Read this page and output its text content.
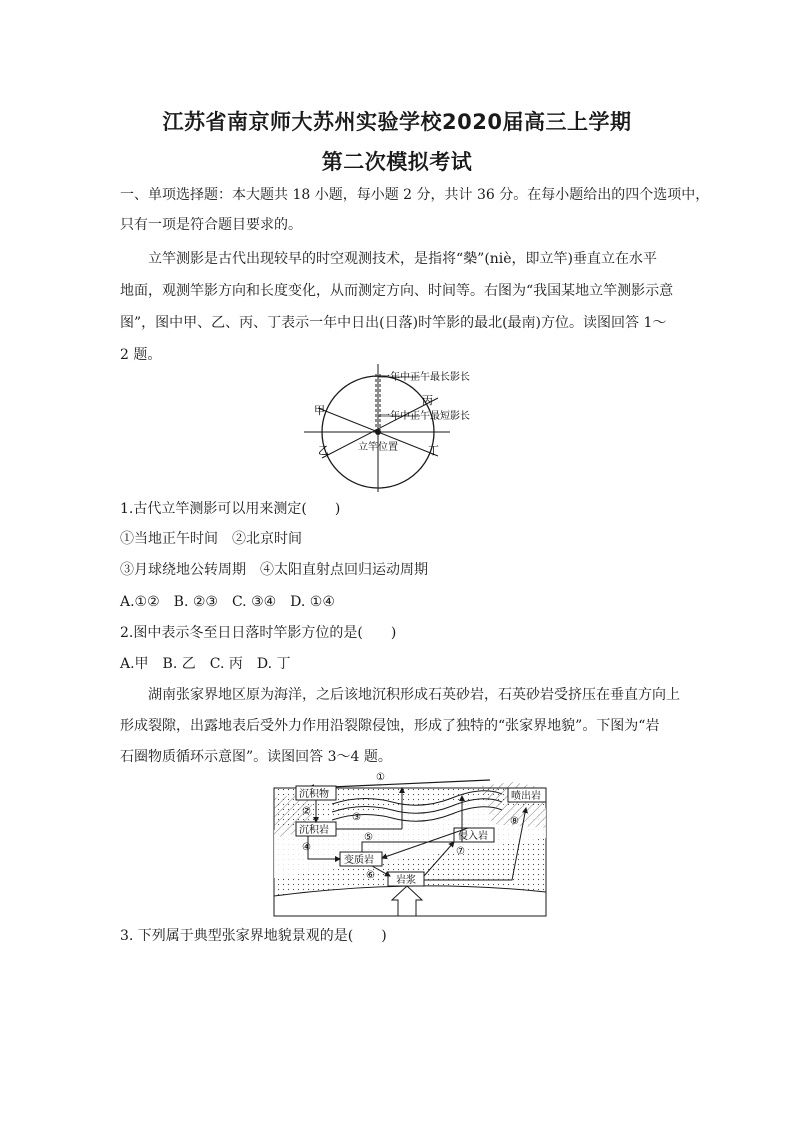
江苏省南京师大苏州实验学校2020届高三上学期
第二次模拟考试
一、单项选择题：本大题共 18 小题，每小题 2 分，共计 36 分。在每小题给出的四个选项中，
只有一项是符合题目要求的。
立竿测影是古代出现较早的时空观测技术，是指将“槷”(niè，即立竿)垂直立在水平
地面，观测竿影方向和长度变化，从而测定方向、时间等。右图为“我国某地立竿测影示意
图”，图中甲、乙、丙、丁表示一年中日出(日落)时竿影的最北(最南)方位。读图回答 1～
2 题。
一年中正午最长影长
一年中正午最短影长
立竿位置
甲
乙
丙
丁
1.古代立竿测影可以用来测定(　　)
①当地正午时间　②北京时间
③月球绕地公转周期　④太阳直射点回归运动周期
A.①②　B. ②③　C. ③④　D. ①④
2.图中表示冬至日日落时竿影方位的是(　　)
A.甲　B. 乙　C. 丙　D. 丁
湖南张家界地区原为海洋，之后该地沉积形成石英砂岩，石英砂岩受挤压在垂直方向上
形成裂隙，出露地表后受外力作用沿裂隙侵蚀，形成了独特的“张家界地貌”。下图为“岩
石圈物质循环示意图”。读图回答 3～4 题。
沉积物
沉积岩
变质岩
岩浆
侵入岩
喷出岩
①
②
③
④
⑤
⑥
⑦
⑧
3. 下列属于典型张家界地貌景观的是(　　)
